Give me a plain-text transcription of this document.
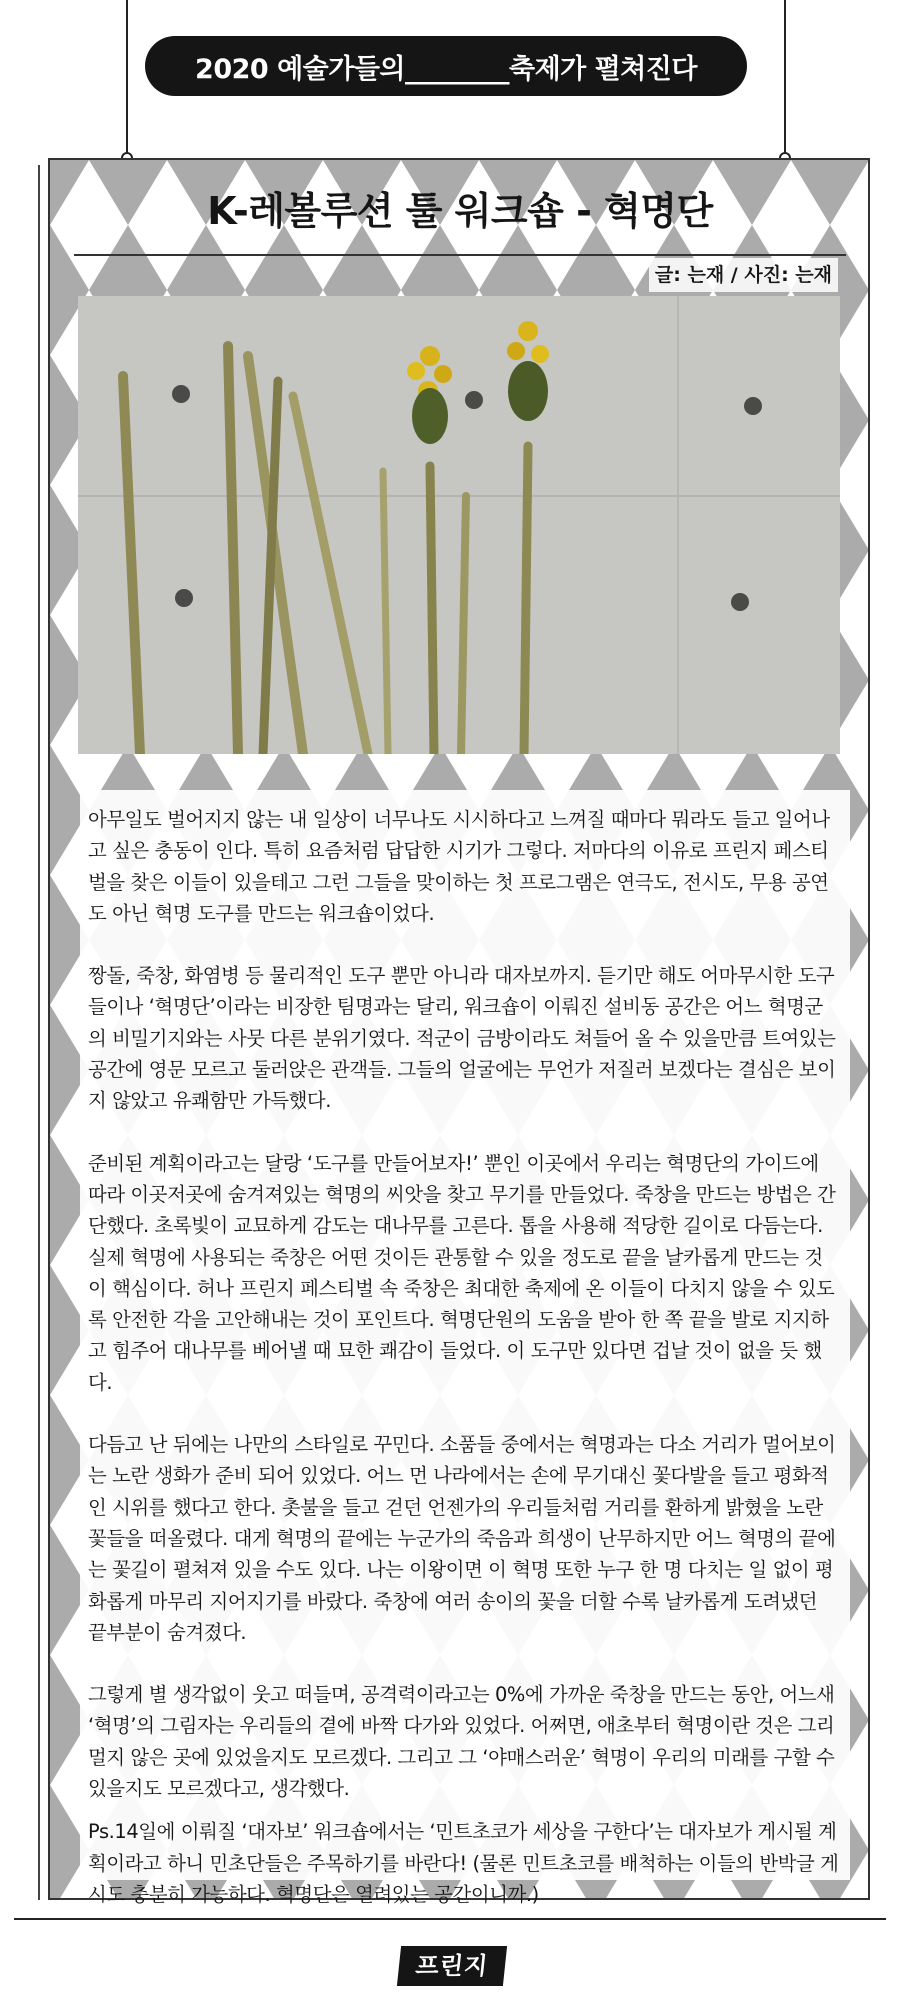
2020 예술가들의________축제가 펼쳐진다
K-레볼루션 툴 워크숍 - 혁명단
글: 는재 / 사진: 는재

아무일도 벌어지지 않는 내 일상이 너무나도 시시하다고 느껴질 때마다 뭐라도 들고 일어나고 싶은 충동이 인다. 특히 요즘처럼 답답한 시기가 그렇다. 저마다의 이유로 프린지 페스티벌을 찾은 이들이 있을테고 그런 그들을 맞이하는 첫 프로그램은 연극도, 전시도, 무용 공연도 아닌 혁명 도구를 만드는 워크숍이었다.

짱돌, 죽창, 화염병 등 물리적인 도구 뿐만 아니라 대자보까지. 듣기만 해도 어마무시한 도구들이나 ‘혁명단’이라는 비장한 팀명과는 달리, 워크숍이 이뤄진 설비동 공간은 어느 혁명군의 비밀기지와는 사뭇 다른 분위기였다. 적군이 금방이라도 쳐들어 올 수 있을만큼 트여있는 공간에 영문 모르고 둘러앉은 관객들. 그들의 얼굴에는 무언가 저질러 보겠다는 결심은 보이지 않았고 유쾌함만 가득했다.

준비된 계획이라고는 달랑 ‘도구를 만들어보자!’ 뿐인 이곳에서 우리는 혁명단의 가이드에 따라 이곳저곳에 숨겨져있는 혁명의 씨앗을 찾고 무기를 만들었다. 죽창을 만드는 방법은 간단했다. 초록빛이 교묘하게 감도는 대나무를 고른다. 톱을 사용해 적당한 길이로 다듬는다. 실제 혁명에 사용되는 죽창은 어떤 것이든 관통할 수 있을 정도로 끝을 날카롭게 만드는 것이 핵심이다. 허나 프린지 페스티벌 속 죽창은 최대한 축제에 온 이들이 다치지 않을 수 있도록 안전한 각을 고안해내는 것이 포인트다. 혁명단원의 도움을 받아 한 쪽 끝을 발로 지지하고 힘주어 대나무를 베어낼 때 묘한 쾌감이 들었다. 이 도구만 있다면 겁날 것이 없을 듯 했다.

다듬고 난 뒤에는 나만의 스타일로 꾸민다. 소품들 중에서는 혁명과는 다소 거리가 멀어보이는 노란 생화가 준비 되어 있었다. 어느 먼 나라에서는 손에 무기대신 꽃다발을 들고 평화적인 시위를 했다고 한다. 촛불을 들고 걷던 언젠가의 우리들처럼 거리를 환하게 밝혔을 노란 꽃들을 떠올렸다. 대게 혁명의 끝에는 누군가의 죽음과 희생이 난무하지만 어느 혁명의 끝에는 꽃길이 펼쳐져 있을 수도 있다. 나는 이왕이면 이 혁명 또한 누구 한 명 다치는 일 없이 평화롭게 마무리 지어지기를 바랐다. 죽창에 여러 송이의 꽃을 더할 수록 날카롭게 도려냈던 끝부분이 숨겨졌다.

그렇게 별 생각없이 웃고 떠들며, 공격력이라고는 0%에 가까운 죽창을 만드는 동안, 어느새 ‘혁명’의 그림자는 우리들의 곁에 바짝 다가와 있었다. 어쩌면, 애초부터 혁명이란 것은 그리 멀지 않은 곳에 있었을지도 모르겠다. 그리고 그 ‘야매스러운’ 혁명이 우리의 미래를 구할 수 있을지도 모르겠다고, 생각했다.

Ps.14일에 이뤄질 ‘대자보’ 워크숍에서는 ‘민트초코가 세상을 구한다’는 대자보가 게시될 계획이라고 하니 민초단들은 주목하기를 바란다! (물론 민트초코를 배척하는 이들의 반박글 게시도 충분히 가능하다. 혁명단은 열려있는 공간이니까.)

프린지
